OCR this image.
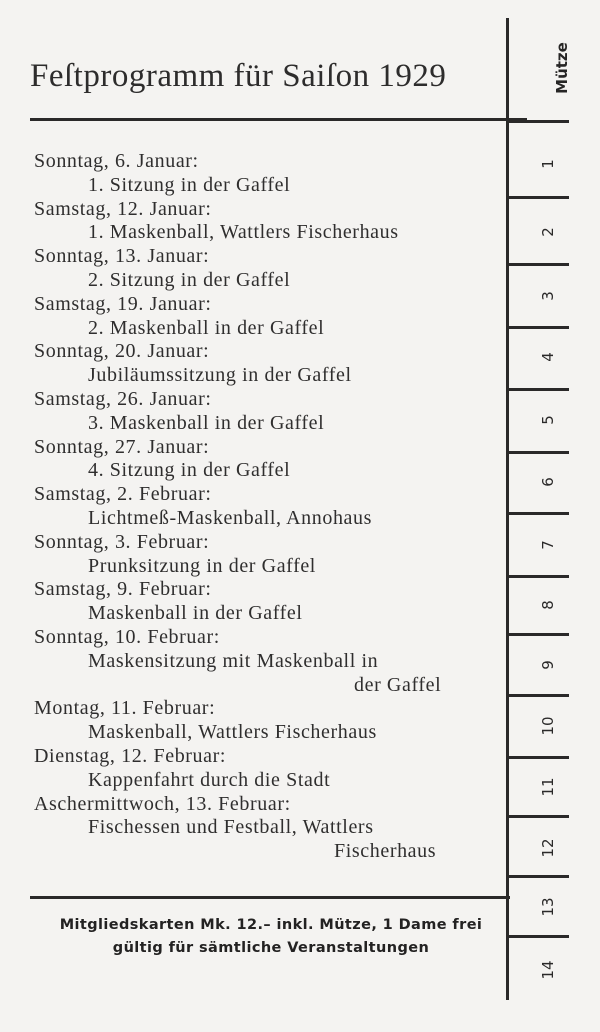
Feſtprogramm für Saiſon 1929
Sonntag, 6. Januar:
1. Sitzung in der Gaffel
Samstag, 12. Januar:
1. Maskenball, Wattlers Fischerhaus
Sonntag, 13. Januar:
2. Sitzung in der Gaffel
Samstag, 19. Januar:
2. Maskenball in der Gaffel
Sonntag, 20. Januar:
Jubiläumssitzung in der Gaffel
Samstag, 26. Januar:
3. Maskenball in der Gaffel
Sonntag, 27. Januar:
4. Sitzung in der Gaffel
Samstag, 2. Februar:
Lichtmeß-Maskenball, Annohaus
Sonntag, 3. Februar:
Prunksitzung in der Gaffel
Samstag, 9. Februar:
Maskenball in der Gaffel
Sonntag, 10. Februar:
Maskensitzung mit Maskenball in
der Gaffel
Montag, 11. Februar:
Maskenball, Wattlers Fischerhaus
Dienstag, 12. Februar:
Kappenfahrt durch die Stadt
Aschermittwoch, 13. Februar:
Fischessen und Festball, Wattlers
Fischerhaus
Mitgliedskarten Mk. 12.– inkl. Mütze, 1 Dame frei
gültig für sämtliche Veranstaltungen
Mütze
1
2
3
4
5
6
7
8
9
10
11
12
13
14
